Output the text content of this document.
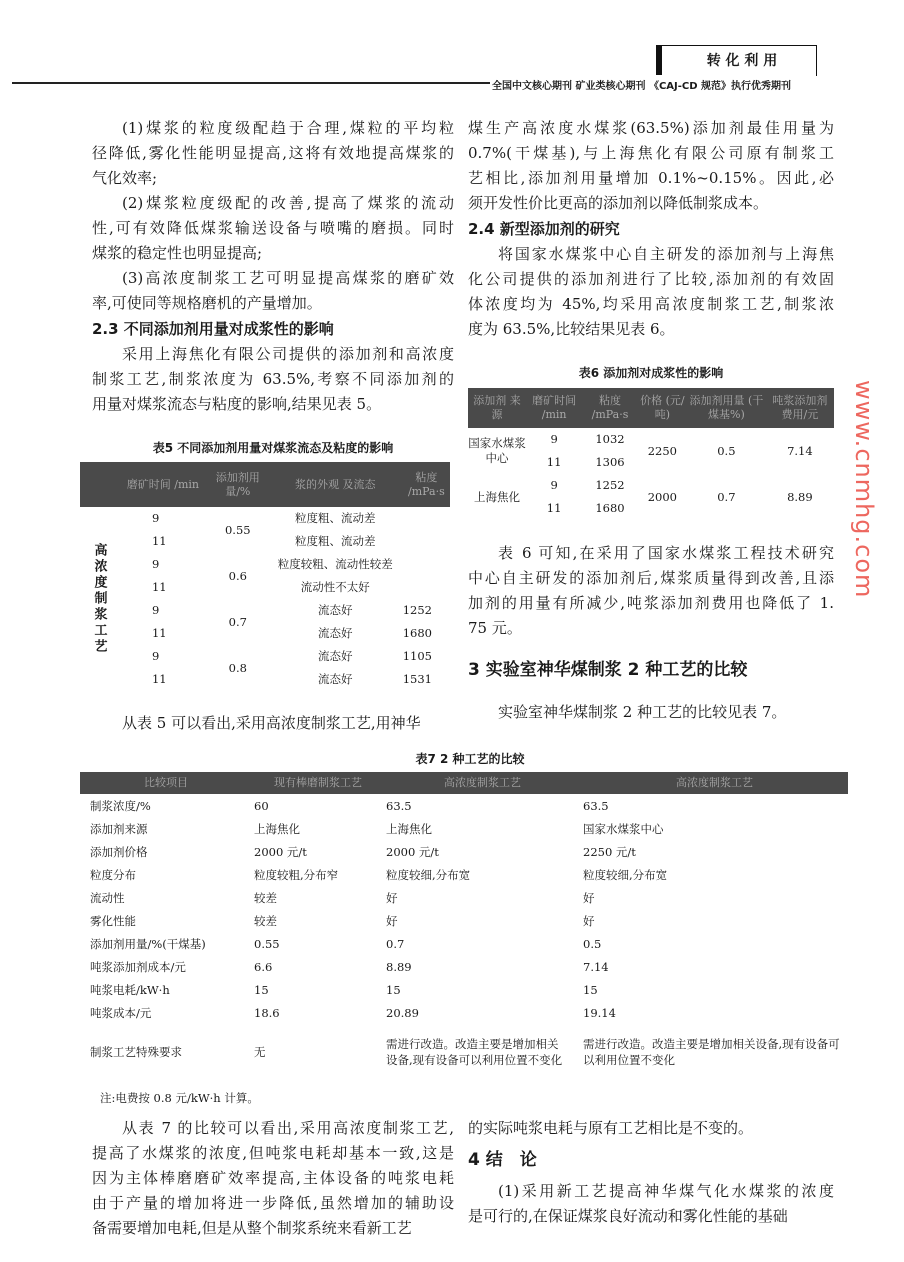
转 化 利 用
全国中文核心期刊 矿业类核心期刊 《CAJ-CD 规范》执行优秀期刊
(1)煤浆的粒度级配趋于合理,煤粒的平均粒
径降低,雾化性能明显提高,这将有效地提高煤浆的
气化效率;
(2)煤浆粒度级配的改善,提高了煤浆的流动
性,可有效降低煤浆输送设备与喷嘴的磨损。同时
煤浆的稳定性也明显提高;
(3)高浓度制浆工艺可明显提高煤浆的磨矿效
率,可使同等规格磨机的产量增加。
2.3 不同添加剂用量对成浆性的影响
采用上海焦化有限公司提供的添加剂和高浓度
制浆工艺,制浆浓度为 63.5%,考察不同添加剂的
用量对煤浆流态与粘度的影响,结果见表 5。
表5 不同添加剂用量对煤浆流态及粘度的影响
	磨矿时间 /min	添加剂用 量/%	浆的外观 及流态	粘度 /mPa·s
高浓度制浆工艺	9	0.55	粒度粗、流动差	
	11		粒度粗、流动差	
	9	0.6	粒度较粗、流动性较差	
	11		流动性不太好	
	9	0.7	流态好	1252
	11		流态好	1680
	9	0.8	流态好	1105
	11		流态好	1531
从表 5 可以看出,采用高浓度制浆工艺,用神华
煤生产高浓度水煤浆(63.5%)添加剂最佳用量为
0.7%(干煤基),与上海焦化有限公司原有制浆工
艺相比,添加剂用量增加 0.1%~0.15%。因此,必
须开发性价比更高的添加剂以降低制浆成本。
2.4 新型添加剂的研究
将国家水煤浆中心自主研发的添加剂与上海焦
化公司提供的添加剂进行了比较,添加剂的有效固
体浓度均为 45%,均采用高浓度制浆工艺,制浆浓
度为 63.5%,比较结果见表 6。
表6 添加剂对成浆性的影响
添加剂 来源	磨矿时间 /min	粘度 /mPa·s	价格 (元/吨)	添加剂用量 (干煤基%)	吨浆添加剂 费用/元
国家水煤浆中心	9	1032	2250	0.5	7.14
	11	1306			
上海焦化	9	1252	2000	0.7	8.89
	11	1680			
表 6 可知,在采用了国家水煤浆工程技术研究
中心自主研发的添加剂后,煤浆质量得到改善,且添
加剂的用量有所减少,吨浆添加剂费用也降低了 1.
75 元。
3 实验室神华煤制浆 2 种工艺的比较
实验室神华煤制浆 2 种工艺的比较见表 7。
表7 2 种工艺的比较
比较项目	现有棒磨制浆工艺	高浓度制浆工艺	高浓度制浆工艺
制浆浓度/%	60	63.5	63.5
添加剂来源	上海焦化	上海焦化	国家水煤浆中心
添加剂价格	2000 元/t	2000 元/t	2250 元/t
粒度分布	粒度较粗,分布窄	粒度较细,分布宽	粒度较细,分布宽
流动性	较差	好	好
雾化性能	较差	好	好
添加剂用量/%(干煤基)	0.55	0.7	0.5
吨浆添加剂成本/元	6.6	8.89	7.14
吨浆电耗/kW·h	15	15	15
吨浆成本/元	18.6	20.89	19.14
制浆工艺特殊要求	无	需进行改造。改造主要是增加相关设备,现有设备可以利用位置不变化	需进行改造。改造主要是增加相关设备,现有设备可以利用位置不变化
注:电费按 0.8 元/kW·h 计算。
从表 7 的比较可以看出,采用高浓度制浆工艺,
提高了水煤浆的浓度,但吨浆电耗却基本一致,这是
因为主体棒磨磨矿效率提高,主体设备的吨浆电耗
由于产量的增加将进一步降低,虽然增加的辅助设
备需要增加电耗,但是从整个制浆系统来看新工艺
的实际吨浆电耗与原有工艺相比是不变的。
4 结　论
(1)采用新工艺提高神华煤气化水煤浆的浓度
是可行的,在保证煤浆良好流动和雾化性能的基础
www.cnmhg.com
